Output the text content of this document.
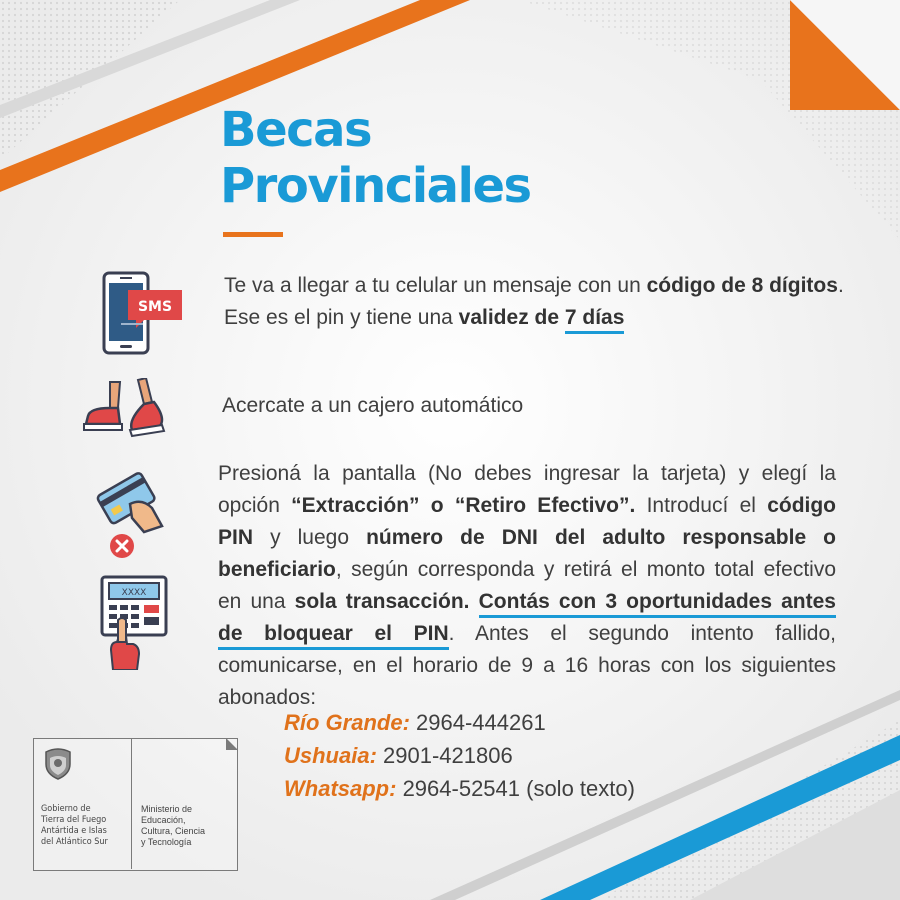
Becas
Provinciales
SMS
Te va a llegar a tu celular un mensaje con un código de 8 dígitos. Ese es el pin y tiene una validez de 7 días
Acercate a un cajero automático
XXXX
Presioná la pantalla (No debes ingresar la tarjeta) y elegí la opción “Extracción” o “Retiro Efectivo”. Introducí el código PIN y luego número de DNI del adulto responsable o beneficiario, según corresponda y retirá el monto total efectivo en una sola transacción. Contás con 3 oportunidades antes de bloquear el PIN. Antes el segundo intento fallido, comunicarse, en el horario de 9 a 16 horas con los siguientes abonados:
Río Grande: 2964-444261
Ushuaia: 2901-421806
Whatsapp: 2964-52541 (solo texto)
Gobierno de
Tierra del Fuego
Antártida e Islas
del Atlántico Sur
Ministerio de
Educación,
Cultura, Ciencia
y Tecnología
